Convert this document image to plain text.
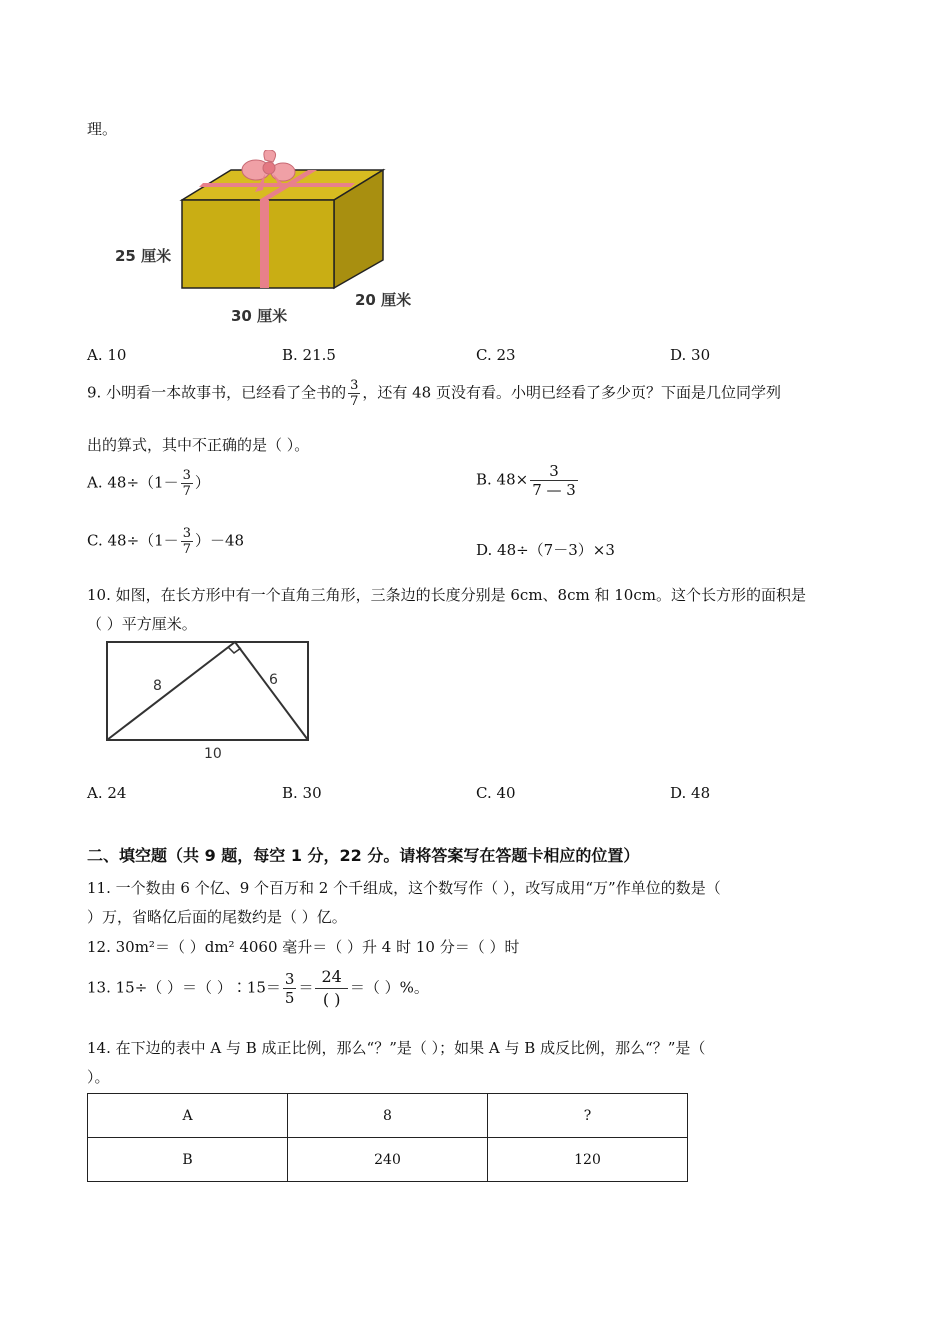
理。
25 厘米
30 厘米
20 厘米
A. 10	B. 21.5	C. 23	D. 30
9. 小明看一本故事书，已经看了全书的 $\frac{3}{7}$ ，还有 48 页没有看。小明已经看了多少页？下面是几位同学列
出的算式，其中不正确的是（ ）。
A. $48\div(1- \frac{3}{7}$ ）	B. $48\times \frac{3}{7 — 3}$
C. $48\div(1- \frac{3}{7} )-48$
D. 48÷（7－3）×3
10. 如图，在长方形中有一个直角三角形，三条边的长度分别是 6cm、8cm 和 10cm。这个长方形的面积是
（ ）平方厘米。
8	6
10
A. 24	B. 30	C. 40	D. 48
二、填空题（共 9 题，每空 1 分，22 分。请将答案写在答题卡相应的位置）
11. 一个数由 6 个亿、9 个百万和 2 个千组成，这个数写作（ ），改写成用“万”作单位的数是（
）万，省略亿后面的尾数约是（ ）亿。
12. 30m²＝（ ）dm² 4060 毫升＝（ ）升 4 时 10 分＝（ ）时
13. 15÷（ ）＝（ ）∶15＝ $\frac{3}{5} = \frac{24}{( )}$ ＝（ ）%。
14. 在下边的表中 A 与 B 成正比例，那么“？”是（ ）；如果 A 与 B 成反比例，那么“？”是（
）。
A	8	?
B	240	120
